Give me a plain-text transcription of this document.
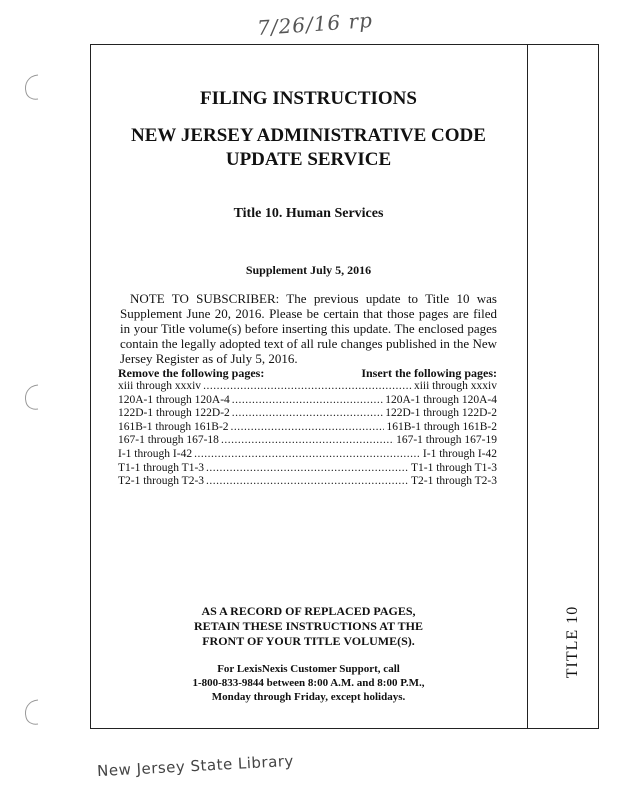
7/26/16 rp
TITLE 10
FILING INSTRUCTIONS
NEW JERSEY ADMINISTRATIVE CODE
UPDATE SERVICE
Title 10. Human Services
Supplement July 5, 2016
NOTE TO SUBSCRIBER: The previous update to Title 10 was Supplement June 20, 2016. Please be certain that those pages are filed in your Title volume(s) before inserting this update. The enclosed pages contain the legally adopted text of all rule changes published in the New Jersey Register as of July 5, 2016.
Remove the following pages:	Insert the following pages:
xiii through xxxiv .....	xiii through xxxiv
120A-1 through 120A-4 .....	120A-1 through 120A-4
122D-1 through 122D-2 .....	122D-1 through 122D-2
161B-1 through 161B-2 .....	161B-1 through 161B-2
167-1 through 167-18 .....	167-1 through 167-19
I-1 through I-42 .....	I-1 through I-42
T1-1 through T1-3 .....	T1-1 through T1-3
T2-1 through T2-3 .....	T2-1 through T2-3
AS A RECORD OF REPLACED PAGES,
RETAIN THESE INSTRUCTIONS AT THE
FRONT OF YOUR TITLE VOLUME(S).
For LexisNexis Customer Support, call
1-800-833-9844 between 8:00 A.M. and 8:00 P.M.,
Monday through Friday, except holidays.
New Jersey State Library
